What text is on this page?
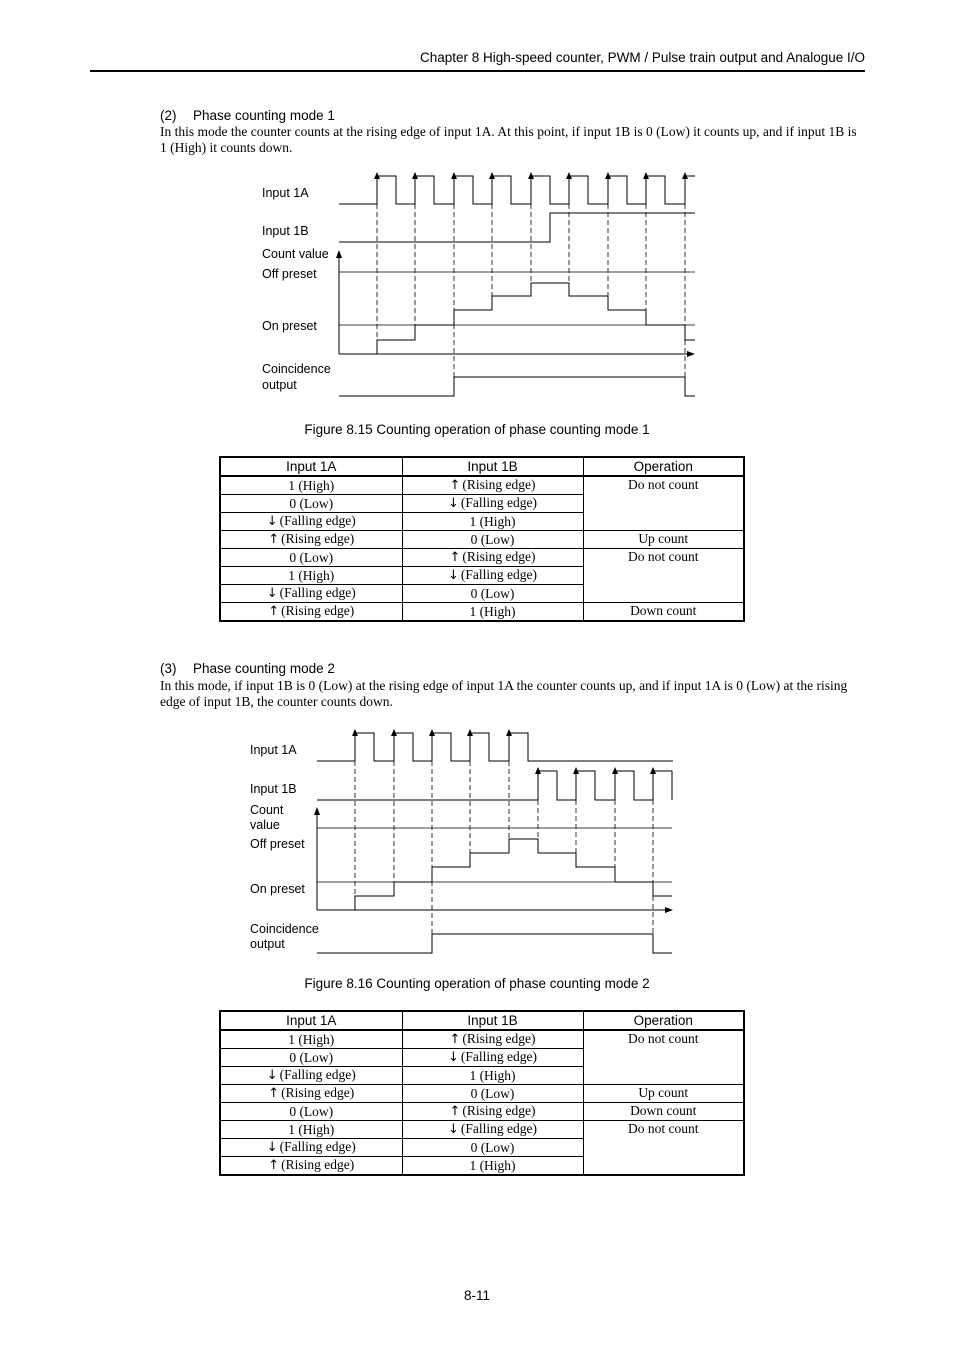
Chapter 8 High-speed counter, PWM / Pulse train output and Analogue I/O
(2) Phase counting mode 1
In this mode the counter counts at the rising edge of input 1A. At this point, if input 1B is 0 (Low) it counts up, and if input 1B is 1 (High) it counts down.
Input 1A
Input 1B
Count value
Off preset
On preset
Coincidence
output
Figure 8.15 Counting operation of phase counting mode 1
Input 1A	Input 1B	Operation
1 (High)	↑ (Rising edge)	Do not count
0 (Low)	↓ (Falling edge)	
↓ (Falling edge)	1 (High)	
↑ (Rising edge)	0 (Low)	Up count
0 (Low)	↑ (Rising edge)	Do not count
1 (High)	↓ (Falling edge)	
↓ (Falling edge)	0 (Low)	
↑ (Rising edge)	1 (High)	Down count
(3) Phase counting mode 2
In this mode, if input 1B is 0 (Low) at the rising edge of input 1A the counter counts up, and if input 1A is 0 (Low) at the rising edge of input 1B, the counter counts down.
Input 1A
Input 1B
Count
value
Off preset
On preset
Coincidence
output
Figure 8.16 Counting operation of phase counting mode 2
Input 1A	Input 1B	Operation
1 (High)	↑ (Rising edge)	Do not count
0 (Low)	↓ (Falling edge)	
↓ (Falling edge)	1 (High)	
↑ (Rising edge)	0 (Low)	Up count
0 (Low)	↑ (Rising edge)	Down count
1 (High)	↓ (Falling edge)	Do not count
↓ (Falling edge)	0 (Low)	
↑ (Rising edge)	1 (High)	
8-11
